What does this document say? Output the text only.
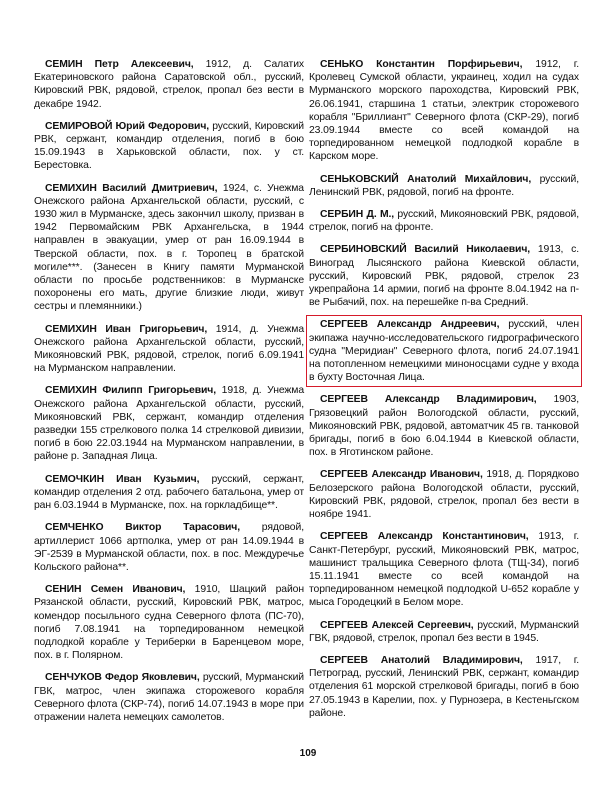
СЕМИН Петр Алексеевич, 1912, д. Салатих Екатериновского района Саратовской обл., русский, Кировский РВК, рядовой, стрелок, пропал без вести в декабре 1942.

СЕМИРОВОЙ Юрий Федорович, русский, Кировский РВК, сержант, командир отделения, погиб в бою 15.09.1943 в Харьковской области, пох. у ст. Берестовка.

СЕМИХИН Василий Дмитриевич, 1924, с. Унежма Онежского района Архангельской области, русский, с 1930 жил в Мурманске, здесь закончил школу, призван в 1942 Первомайским РВК Архангельска, в 1944 направлен в эвакуации, умер от ран 16.09.1944 в Тверской области, пох. в г. Торопец в братской могиле***. (Занесен в Книгу памяти Мурманской области по просьбе родственников: в Мурманске похоронены его мать, другие близкие люди, живут сестры и племянники.)

СЕМИХИН Иван Григорьевич, 1914, д. Унежма Онежского района Архангельской области, русский, Микояновский РВК, рядовой, стрелок, погиб 6.09.1941 на Мурманском направлении.

СЕМИХИН Филипп Григорьевич, 1918, д. Унежма Онежского района Архангельской области, русский, Микояновский РВК, сержант, командир отделения разведки 155 стрелкового полка 14 стрелковой дивизии, погиб в бою 22.03.1944 на Мурманском направлении, в районе р. Западная Лица.

СЕМОЧКИН Иван Кузьмич, русский, сержант, командир отделения 2 отд. рабочего батальона, умер от ран 6.03.1944 в Мурманске, пох. на горкладбище**.

СЕМЧЕНКО Виктор Тарасович, рядовой, артиллерист 1066 артполка, умер от ран 14.09.1944 в ЭГ-2539 в Мурманской области, пох. в пос. Междуречье Кольского района**.

СЕНИН Семен Иванович, 1910, Шацкий район Рязанской области, русский, Кировский РВК, матрос, комендор посыльного судна Северного флота (ПС-70), погиб 7.08.1941 на торпедированном немецкой подлодкой корабле у Териберки в Баренцевом море, пох. в г. Полярном.

СЕНЧУКОВ Федор Яковлевич, русский, Мурманский ГВК, матрос, член экипажа сторожевого корабля Северного флота (СКР-74), погиб 14.07.1943 в море при отражении налета немецких самолетов.

СЕНЬКО Константин Порфирьевич, 1912, г. Кролевец Сумской области, украинец, ходил на судах Мурманского морского пароходства, Кировский РВК, 26.06.1941, старшина 1 статьи, электрик сторожевого корабля "Бриллиант" Северного флота (СКР-29), погиб 23.09.1944 вместе со всей командой на торпедированном немецкой подлодкой корабле в Карском море.

СЕНЬКОВСКИЙ Анатолий Михайлович, русский, Ленинский РВК, рядовой, погиб на фронте.

СЕРБИН Д. М., русский, Микояновский РВК, рядовой, стрелок, погиб на фронте.

СЕРБИНОВСКИЙ Василий Николаевич, 1913, с. Виноград Лысянского района Киевской области, русский, Кировский РВК, рядовой, стрелок 23 укрепрайона 14 армии, погиб на фронте 8.04.1942 на п-ве Рыбачий, пох. на перешейке п-ва Средний.

СЕРГЕЕВ Александр Андреевич, русский, член экипажа научно-исследовательского гидрографического судна "Меридиан" Северного флота, погиб 24.07.1941 на потопленном немецкими миноносцами судне у входа в бухту Восточная Лица.

СЕРГЕЕВ Александр Владимирович, 1903, Грязовецкий район Вологодской области, русский, Микояновский РВК, рядовой, автоматчик 45 гв. танковой бригады, погиб в бою 6.04.1944 в Киевской области, пох. в Яготинском районе.

СЕРГЕЕВ Александр Иванович, 1918, д. Порядково Белозерского района Вологодской области, русский, Кировский РВК, рядовой, стрелок, пропал без вести в ноябре 1941.

СЕРГЕЕВ Александр Константинович, 1913, г. Санкт-Петербург, русский, Микояновский РВК, матрос, машинист тральщика Северного флота (ТЩ-34), погиб 15.11.1941 вместе со всей командой на торпедированном немецкой подлодкой U-652 корабле у мыса Городецкий в Белом море.

СЕРГЕЕВ Алексей Сергеевич, русский, Мурманский ГВК, рядовой, стрелок, пропал без вести в 1945.

СЕРГЕЕВ Анатолий Владимирович, 1917, г. Петроград, русский, Ленинский РВК, сержант, командир отделения 61 морской стрелковой бригады, погиб в бою 27.05.1943 в Карелии, пох. у Пурнозера, в Кестеньгском районе.

109
